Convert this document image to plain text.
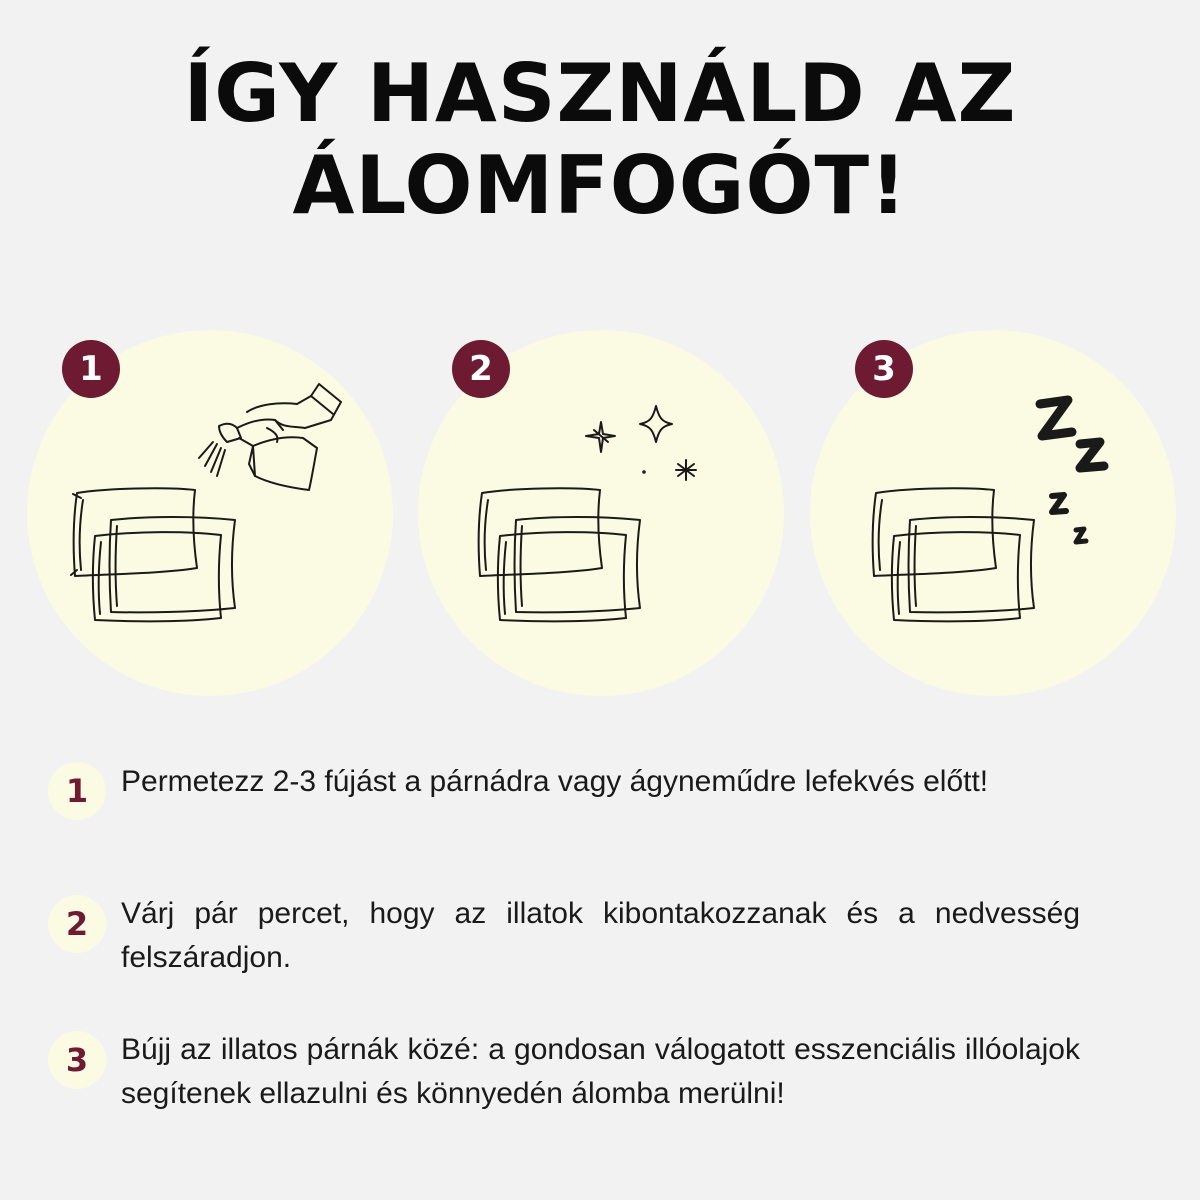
ÍGY HASZNÁLD AZ
ÁLOMFOGÓT!
1	2	3
1	Permetezz 2-3 fújást a párnádra vagy ágyneműdre lefekvés előtt!
2	Várj pár percet, hogy az illatok kibontakozzanak és a nedvesség felszáradjon.
3	Bújj az illatos párnák közé: a gondosan válogatott esszenciális illóolajok segítenek ellazulni és könnyedén álomba merülni!
